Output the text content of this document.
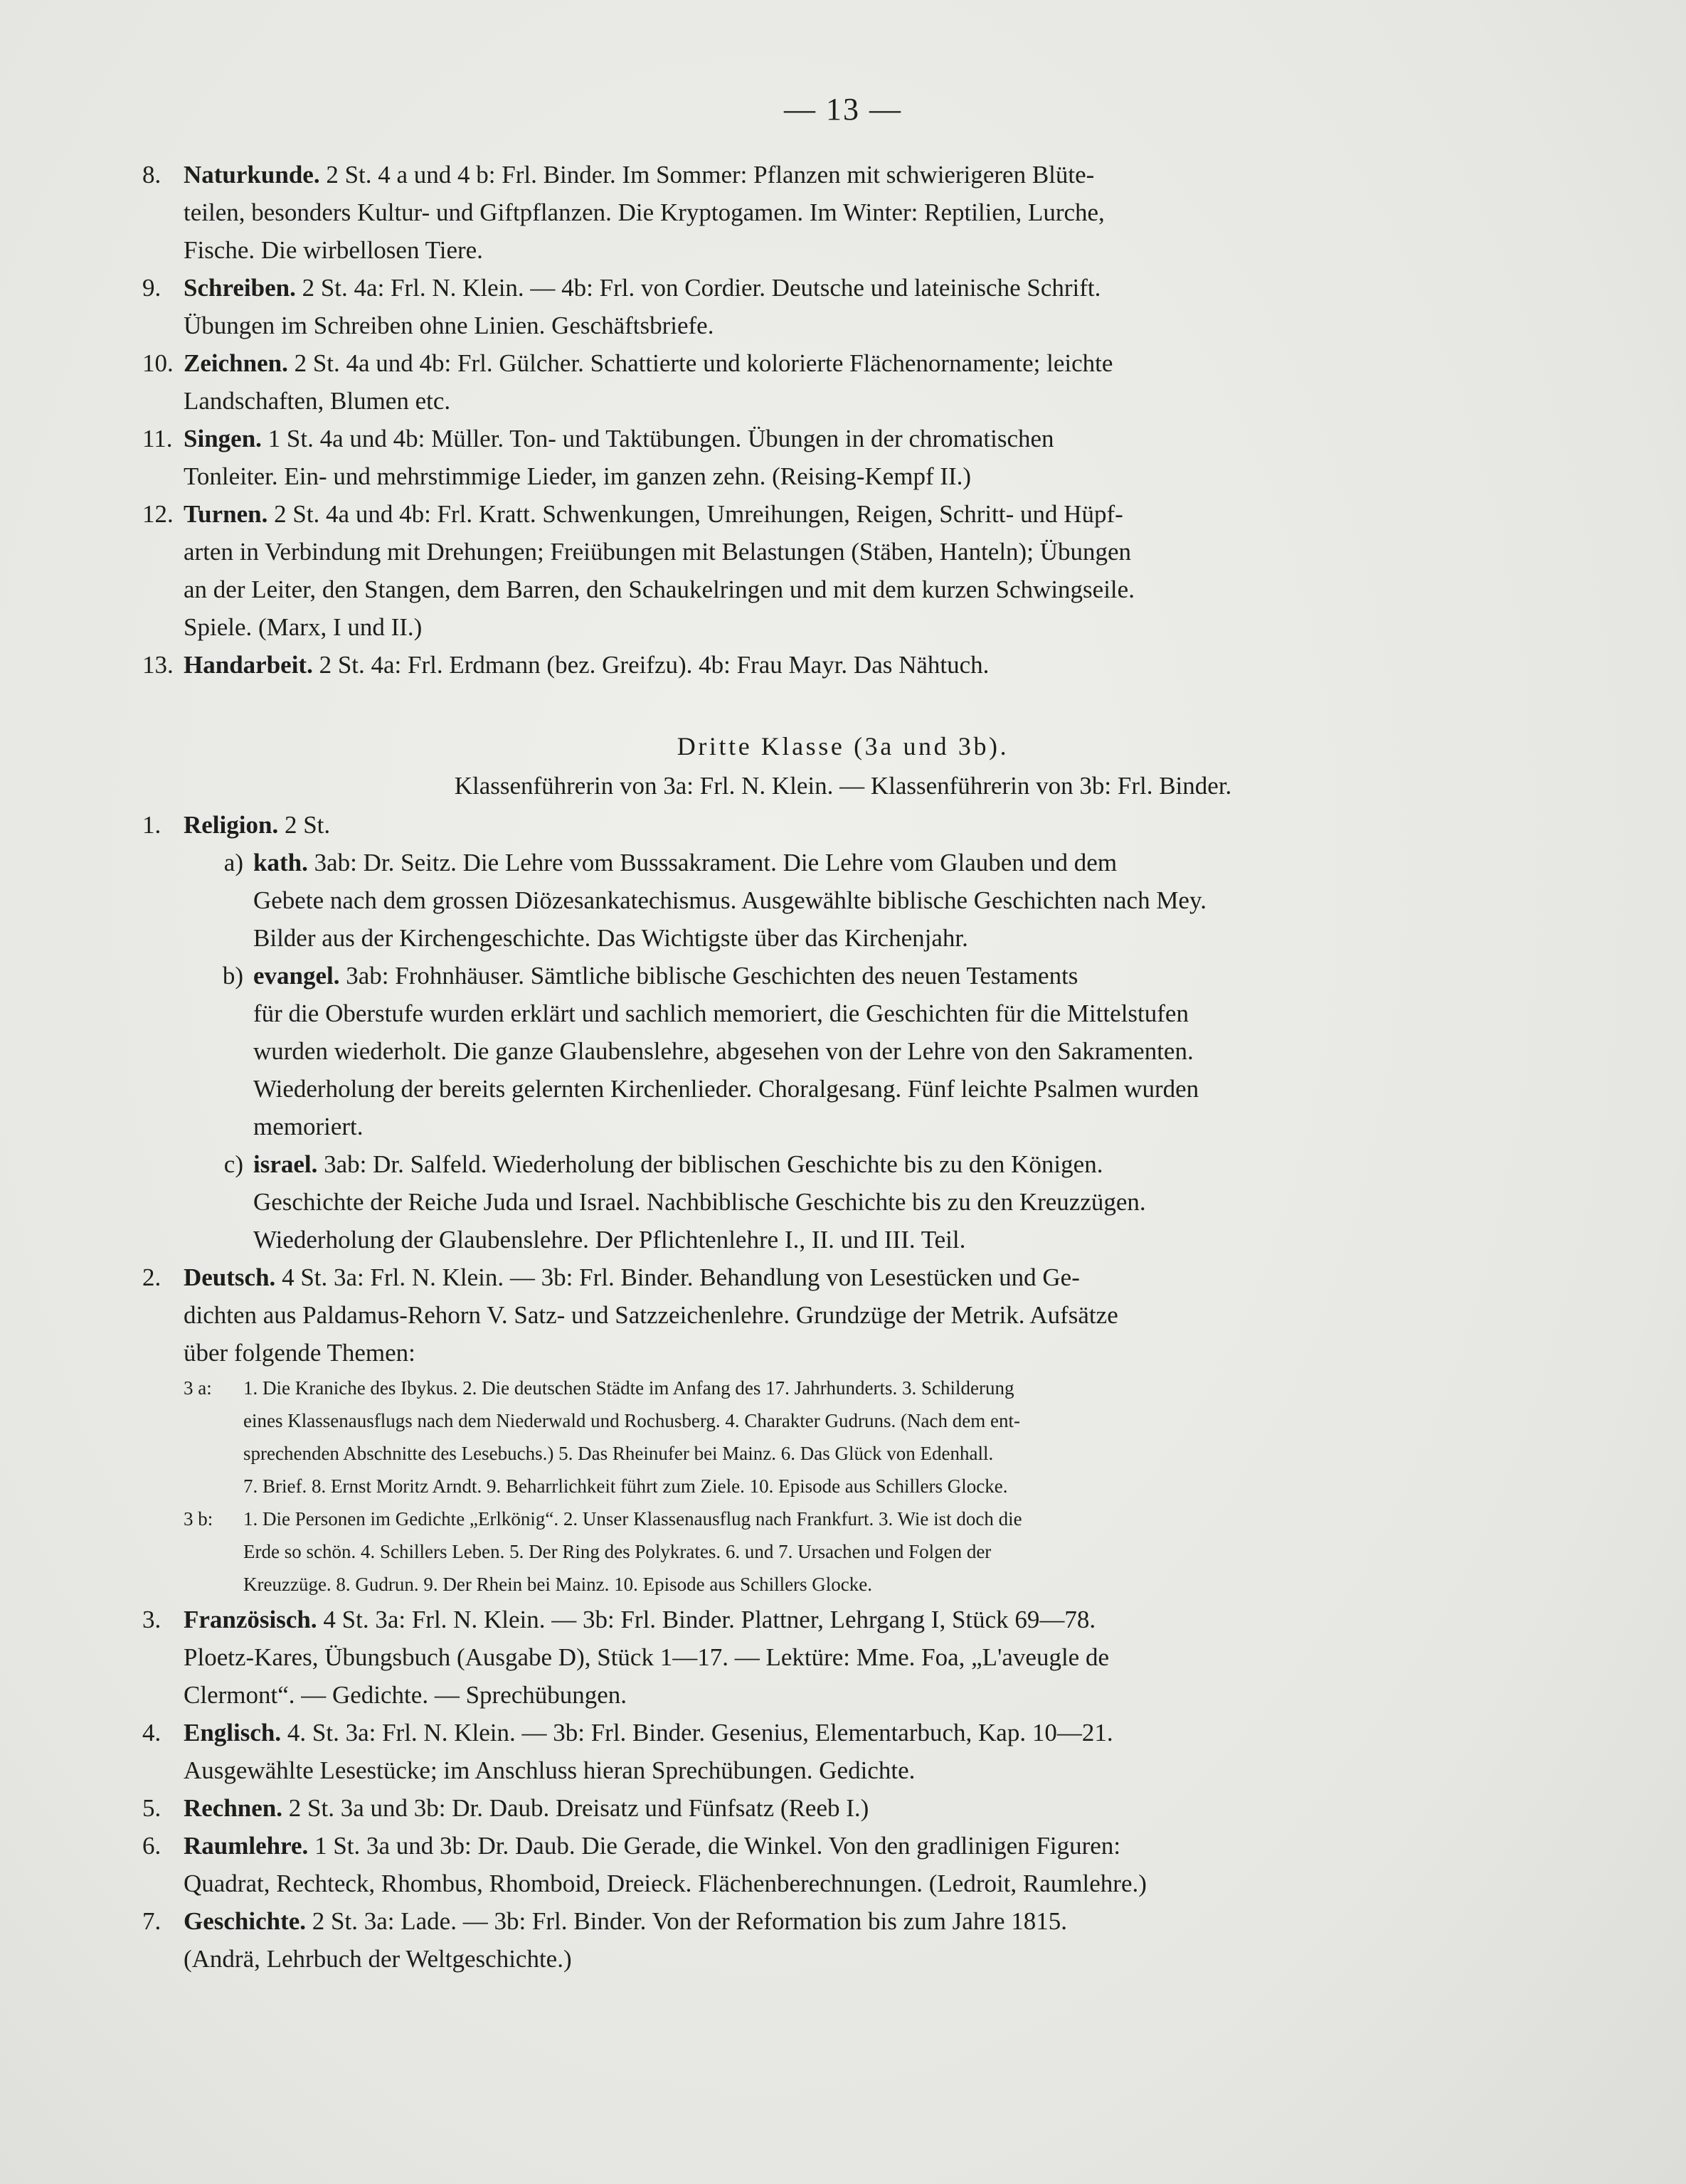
— 13 —
8. Naturkunde. 2 St. 4 a und 4 b: Frl. Binder. Im Sommer: Pflanzen mit schwierigeren Blüte-
teilen, besonders Kultur- und Giftpflanzen. Die Kryptogamen. Im Winter: Reptilien, Lurche,
Fische. Die wirbellosen Tiere.
9. Schreiben. 2 St. 4a: Frl. N. Klein. — 4b: Frl. von Cordier. Deutsche und lateinische Schrift.
Übungen im Schreiben ohne Linien. Geschäftsbriefe.
10. Zeichnen. 2 St. 4a und 4b: Frl. Gülcher. Schattierte und kolorierte Flächenornamente; leichte
Landschaften, Blumen etc.
11. Singen. 1 St. 4a und 4b: Müller. Ton- und Taktübungen. Übungen in der chromatischen
Tonleiter. Ein- und mehrstimmige Lieder, im ganzen zehn. (Reising-Kempf II.)
12. Turnen. 2 St. 4a und 4b: Frl. Kratt. Schwenkungen, Umreihungen, Reigen, Schritt- und Hüpf-
arten in Verbindung mit Drehungen; Freiübungen mit Belastungen (Stäben, Hanteln); Übungen
an der Leiter, den Stangen, dem Barren, den Schaukelringen und mit dem kurzen Schwingseile.
Spiele. (Marx, I und II.)
13. Handarbeit. 2 St. 4a: Frl. Erdmann (bez. Greifzu). 4b: Frau Mayr. Das Nähtuch.
Dritte Klasse (3a und 3b).
Klassenführerin von 3a: Frl. N. Klein. — Klassenführerin von 3b: Frl. Binder.
1. Religion. 2 St.
a) kath. 3ab: Dr. Seitz. Die Lehre vom Busssakrament. Die Lehre vom Glauben und dem
Gebete nach dem grossen Diözesankatechismus. Ausgewählte biblische Geschichten nach Mey.
Bilder aus der Kirchengeschichte. Das Wichtigste über das Kirchenjahr.
b) evangel. 3ab: Frohnhäuser. Sämtliche biblische Geschichten des neuen Testaments
für die Oberstufe wurden erklärt und sachlich memoriert, die Geschichten für die Mittelstufen
wurden wiederholt. Die ganze Glaubenslehre, abgesehen von der Lehre von den Sakramenten.
Wiederholung der bereits gelernten Kirchenlieder. Choralgesang. Fünf leichte Psalmen wurden
memoriert.
c) israel. 3ab: Dr. Salfeld. Wiederholung der biblischen Geschichte bis zu den Königen.
Geschichte der Reiche Juda und Israel. Nachbiblische Geschichte bis zu den Kreuzzügen.
Wiederholung der Glaubenslehre. Der Pflichtenlehre I., II. und III. Teil.
2. Deutsch. 4 St. 3a: Frl. N. Klein. — 3b: Frl. Binder. Behandlung von Lesestücken und Ge-
dichten aus Paldamus-Rehorn V. Satz- und Satzzeichenlehre. Grundzüge der Metrik. Aufsätze
über folgende Themen:
3 a: 1. Die Kraniche des Ibykus. 2. Die deutschen Städte im Anfang des 17. Jahrhunderts. 3. Schilderung
eines Klassenausflugs nach dem Niederwald und Rochusberg. 4. Charakter Gudruns. (Nach dem ent-
sprechenden Abschnitte des Lesebuchs.) 5. Das Rheinufer bei Mainz. 6. Das Glück von Edenhall.
7. Brief. 8. Ernst Moritz Arndt. 9. Beharrlichkeit führt zum Ziele. 10. Episode aus Schillers Glocke.
3 b: 1. Die Personen im Gedichte „Erlkönig“. 2. Unser Klassenausflug nach Frankfurt. 3. Wie ist doch die
Erde so schön. 4. Schillers Leben. 5. Der Ring des Polykrates. 6. und 7. Ursachen und Folgen der
Kreuzzüge. 8. Gudrun. 9. Der Rhein bei Mainz. 10. Episode aus Schillers Glocke.
3. Französisch. 4 St. 3a: Frl. N. Klein. — 3b: Frl. Binder. Plattner, Lehrgang I, Stück 69—78.
Ploetz-Kares, Übungsbuch (Ausgabe D), Stück 1—17. — Lektüre: Mme. Foa, „L'aveugle de
Clermont“. — Gedichte. — Sprechübungen.
4. Englisch. 4. St. 3a: Frl. N. Klein. — 3b: Frl. Binder. Gesenius, Elementarbuch, Kap. 10—21.
Ausgewählte Lesestücke; im Anschluss hieran Sprechübungen. Gedichte.
5. Rechnen. 2 St. 3a und 3b: Dr. Daub. Dreisatz und Fünfsatz (Reeb I.)
6. Raumlehre. 1 St. 3a und 3b: Dr. Daub. Die Gerade, die Winkel. Von den gradlinigen Figuren:
Quadrat, Rechteck, Rhombus, Rhomboid, Dreieck. Flächenberechnungen. (Ledroit, Raumlehre.)
7. Geschichte. 2 St. 3a: Lade. — 3b: Frl. Binder. Von der Reformation bis zum Jahre 1815.
(Andrä, Lehrbuch der Weltgeschichte.)
